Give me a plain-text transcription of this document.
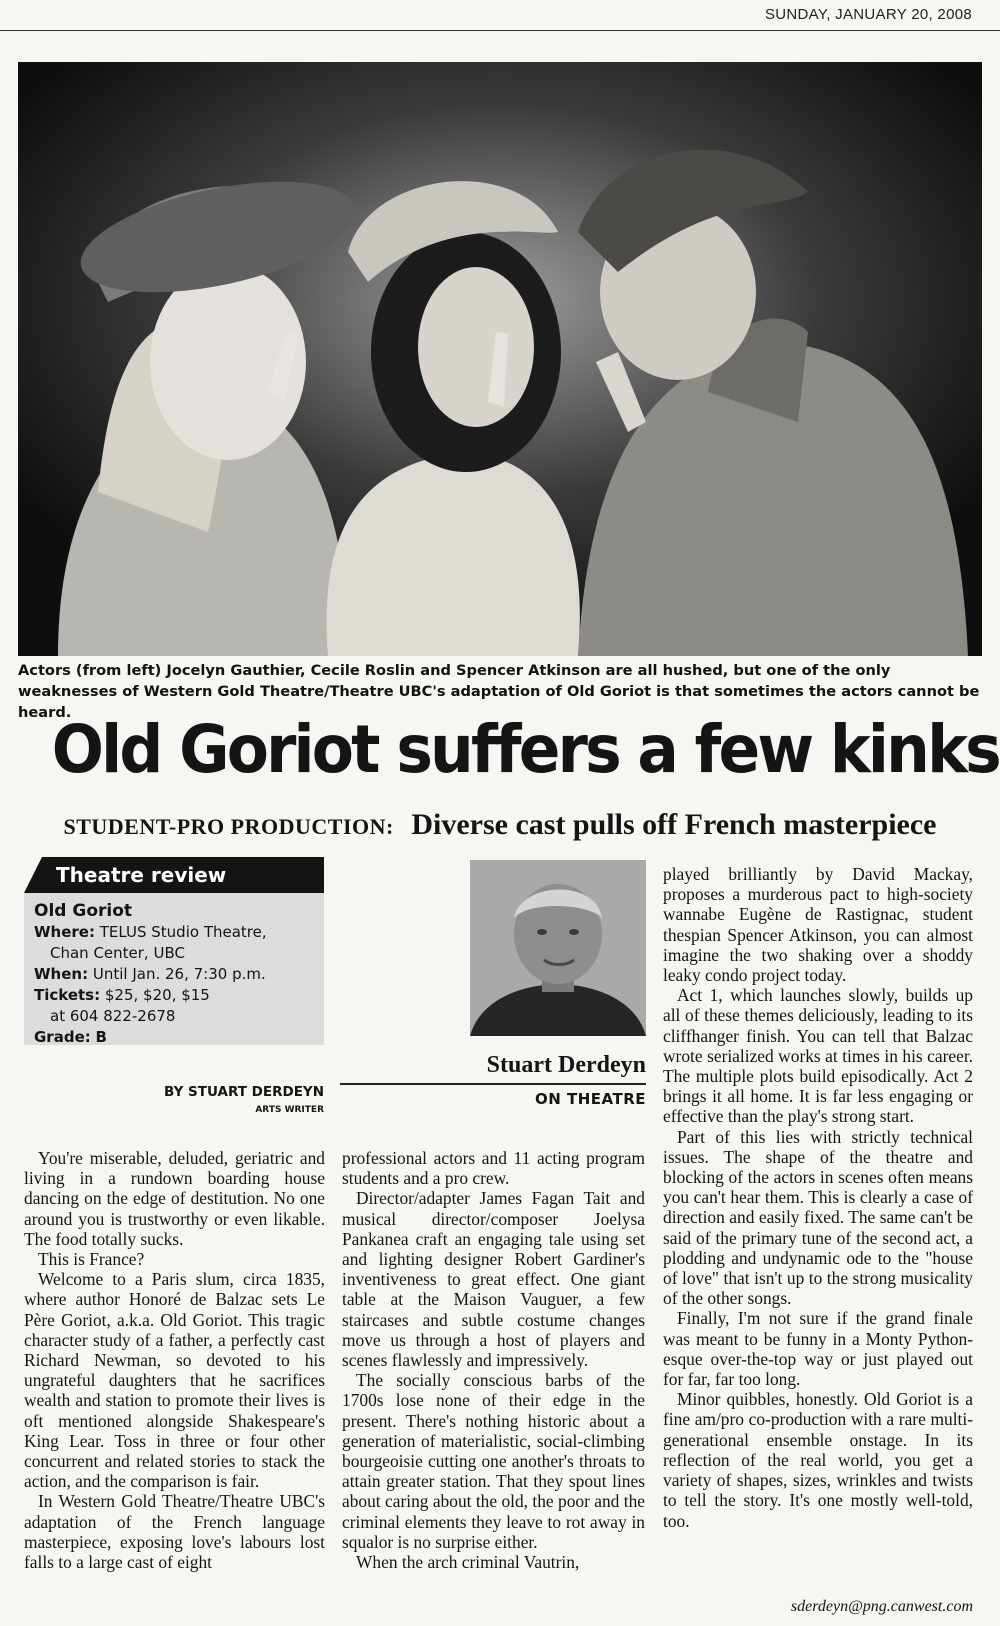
SUNDAY, JANUARY 20, 2008
Actors (from left) Jocelyn Gauthier, Cecile Roslin and Spencer Atkinson are all hushed, but one of the only weaknesses of Western Gold Theatre/Theatre UBC's adaptation of Old Goriot is that sometimes the actors cannot be heard.
Old Goriot suffers a few kinks
STUDENT-PRO PRODUCTION: Diverse cast pulls off French masterpiece
Theatre review
Old Goriot
Where: TELUS Studio Theatre,
Chan Center, UBC
When: Until Jan. 26, 7:30 p.m.
Tickets: $25, $20, $15
at 604 822-2678
Grade: B
BY STUART DERDEYN
ARTS WRITER
Stuart Derdeyn
ON THEATRE

You're miserable, deluded, geriatric and living in a rundown boarding house dancing on the edge of destitution. No one around you is trustworthy or even likable. The food totally sucks.

This is France?

Welcome to a Paris slum, circa 1835, where author Honoré de Balzac sets Le Père Goriot, a.k.a. Old Goriot. This tragic character study of a father, a perfectly cast Richard Newman, so devoted to his ungrateful daughters that he sacrifices wealth and station to promote their lives is oft mentioned alongside Shakespeare's King Lear. Toss in three or four other concurrent and related stories to stack the action, and the comparison is fair.

In Western Gold Theatre/Theatre UBC's adaptation of the French language masterpiece, exposing love's labours lost falls to a large cast of eight

professional actors and 11 acting program students and a pro crew.

Director/adapter James Fagan Tait and musical director/composer Joelysa Pankanea craft an engaging tale using set and lighting designer Robert Gardiner's inventiveness to great effect. One giant table at the Maison Vauguer, a few staircases and subtle costume changes move us through a host of players and scenes flawlessly and impressively.

The socially conscious barbs of the 1700s lose none of their edge in the present. There's nothing historic about a generation of materialistic, social-climbing bourgeoisie cutting one another's throats to attain greater station. That they spout lines about caring about the old, the poor and the criminal elements they leave to rot away in squalor is no surprise either.

When the arch criminal Vautrin,

played brilliantly by David Mackay, proposes a murderous pact to high-society wannabe Eugène de Rastignac, student thespian Spencer Atkinson, you can almost imagine the two shaking over a shoddy leaky condo project today.

Act 1, which launches slowly, builds up all of these themes deliciously, leading to its cliffhanger finish. You can tell that Balzac wrote serialized works at times in his career. The multiple plots build episodically. Act 2 brings it all home. It is far less engaging or effective than the play's strong start.

Part of this lies with strictly technical issues. The shape of the theatre and blocking of the actors in scenes often means you can't hear them. This is clearly a case of direction and easily fixed. The same can't be said of the primary tune of the second act, a plodding and undynamic ode to the "house of love" that isn't up to the strong musicality of the other songs.

Finally, I'm not sure if the grand finale was meant to be funny in a Monty Python-esque over-the-top way or just played out for far, far too long.

Minor quibbles, honestly. Old Goriot is a fine am/pro co-production with a rare multi-generational ensemble onstage. In its reflection of the real world, you get a variety of shapes, sizes, wrinkles and twists to tell the story. It's one mostly well-told, too.

sderdeyn@png.canwest.com
